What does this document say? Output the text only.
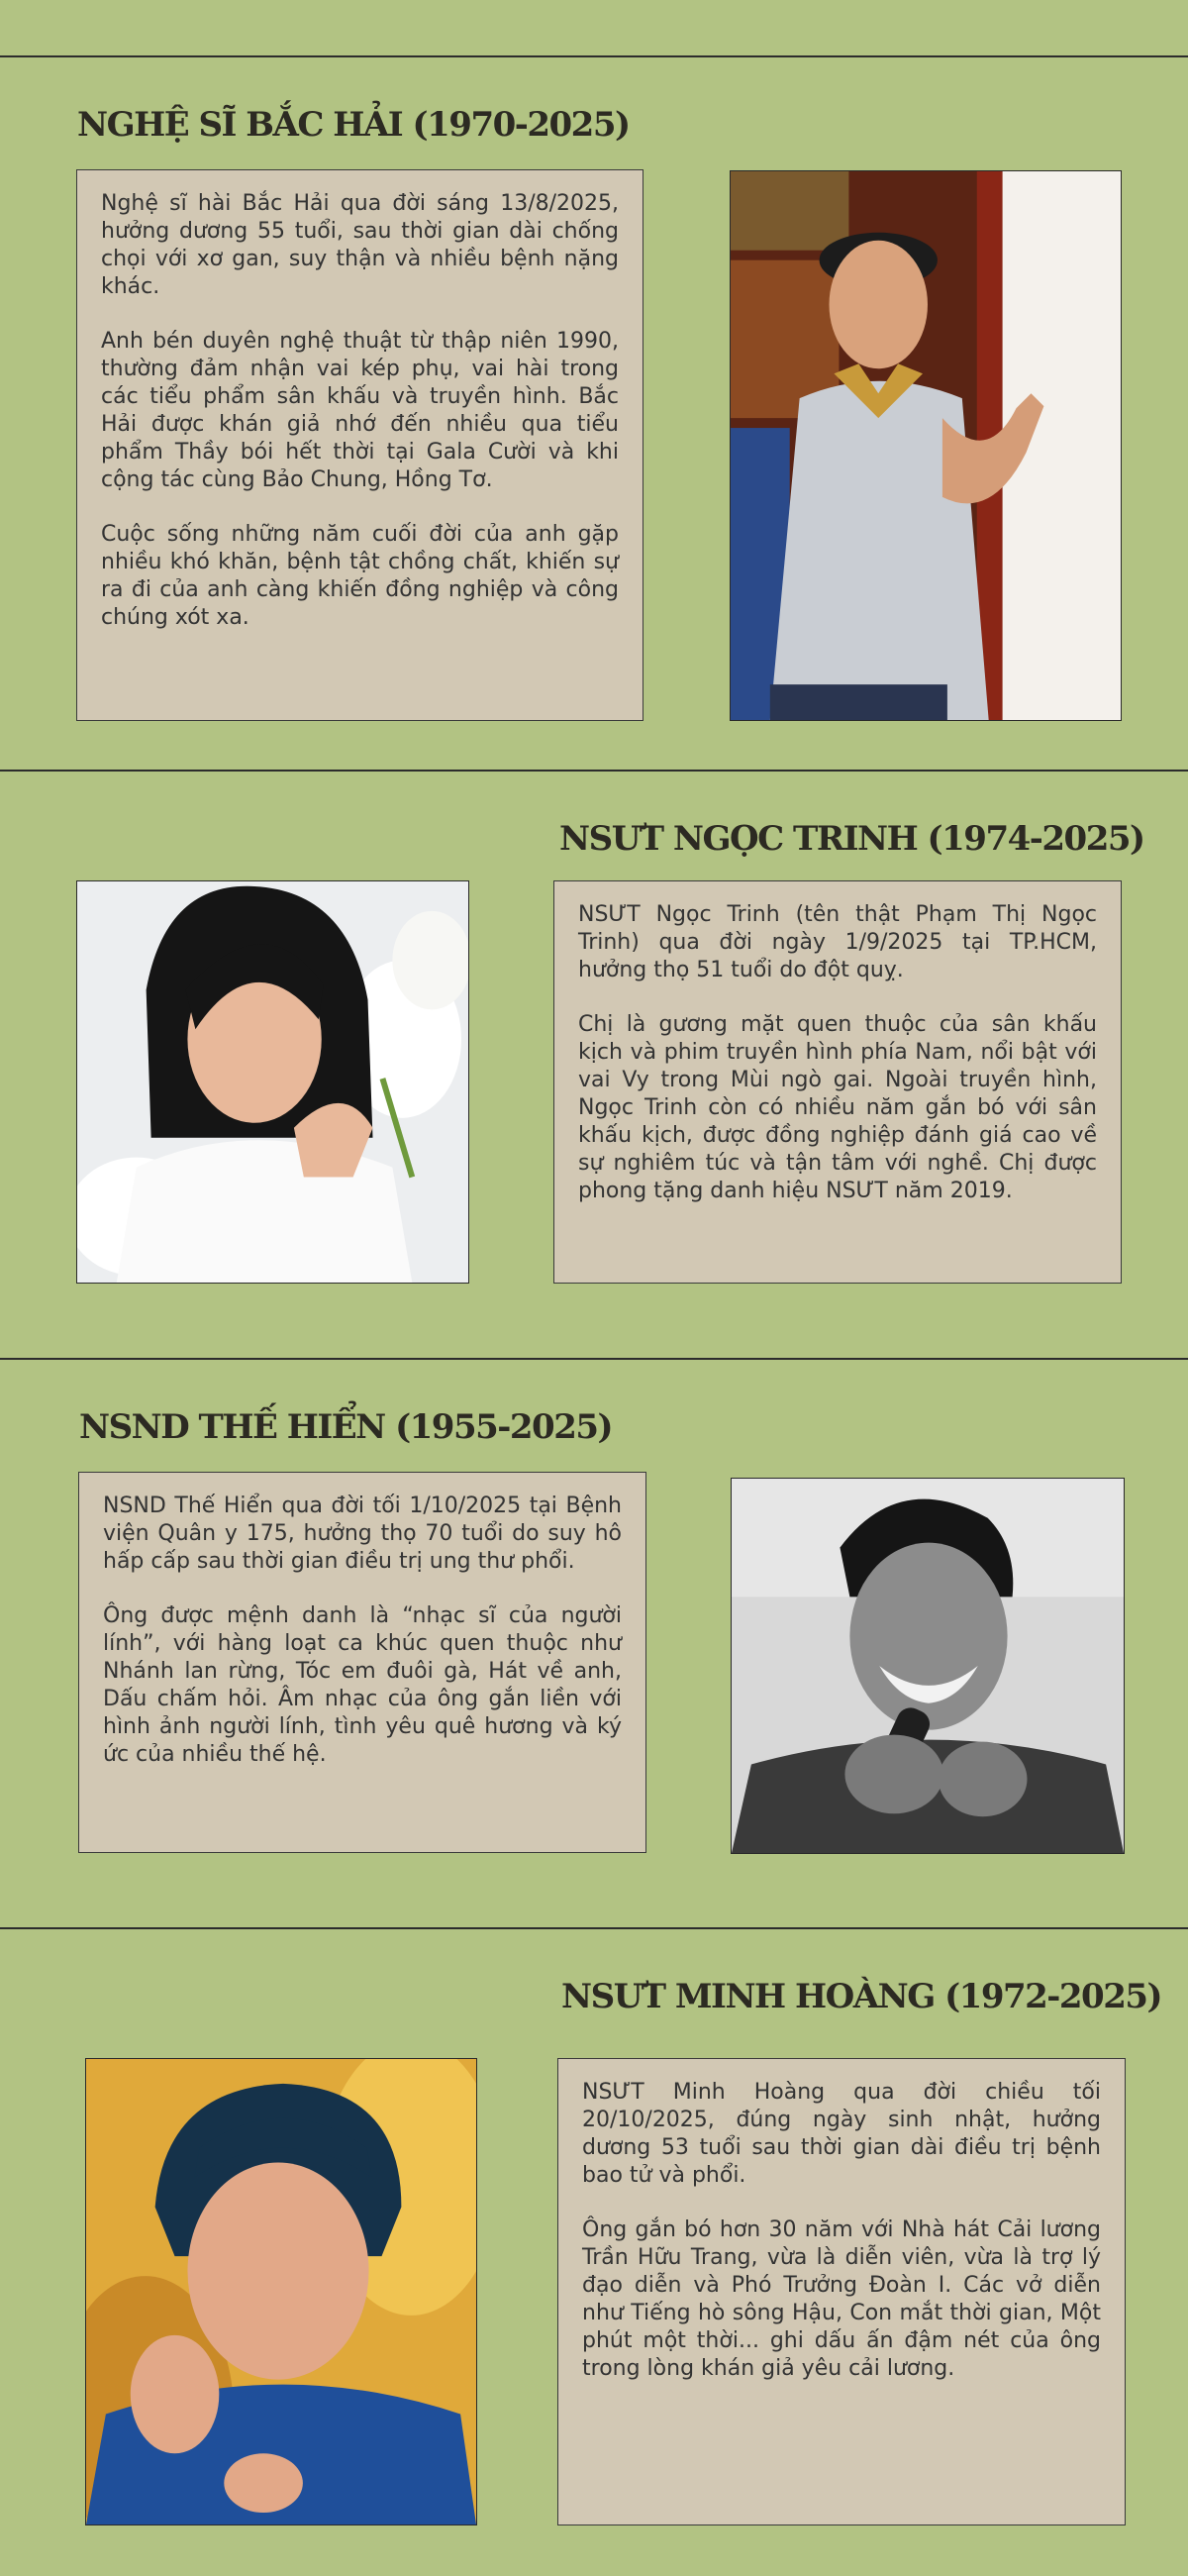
NGHỆ SĨ BẮC HẢI (1970-2025)

Nghệ sĩ hài Bắc Hải qua đời sáng 13/8/2025, hưởng dương 55 tuổi, sau thời gian dài chống chọi với xơ gan, suy thận và nhiều bệnh nặng khác.

Anh bén duyên nghệ thuật từ thập niên 1990, thường đảm nhận vai kép phụ, vai hài trong các tiểu phẩm sân khấu và truyền hình. Bắc Hải được khán giả nhớ đến nhiều qua tiểu phẩm Thầy bói hết thời tại Gala Cười và khi cộng tác cùng Bảo Chung, Hồng Tơ.

Cuộc sống những năm cuối đời của anh gặp nhiều khó khăn, bệnh tật chồng chất, khiến sự ra đi của anh càng khiến đồng nghiệp và công chúng xót xa.

NSƯT NGỌC TRINH (1974-2025)

NSƯT Ngọc Trinh (tên thật Phạm Thị Ngọc Trinh) qua đời ngày 1/9/2025 tại TP.HCM, hưởng thọ 51 tuổi do đột quỵ.

Chị là gương mặt quen thuộc của sân khấu kịch và phim truyền hình phía Nam, nổi bật với vai Vy trong Mùi ngò gai. Ngoài truyền hình, Ngọc Trinh còn có nhiều năm gắn bó với sân khấu kịch, được đồng nghiệp đánh giá cao về sự nghiêm túc và tận tâm với nghề. Chị được phong tặng danh hiệu NSƯT năm 2019.

NSND THẾ HIỂN (1955-2025)

NSND Thế Hiển qua đời tối 1/10/2025 tại Bệnh viện Quân y 175, hưởng thọ 70 tuổi do suy hô hấp cấp sau thời gian điều trị ung thư phổi.

Ông được mệnh danh là “nhạc sĩ của người lính”, với hàng loạt ca khúc quen thuộc như Nhánh lan rừng, Tóc em đuôi gà, Hát về anh, Dấu chấm hỏi. Âm nhạc của ông gắn liền với hình ảnh người lính, tình yêu quê hương và ký ức của nhiều thế hệ.

NSƯT MINH HOÀNG (1972-2025)

NSƯT Minh Hoàng qua đời chiều tối 20/10/2025, đúng ngày sinh nhật, hưởng dương 53 tuổi sau thời gian dài điều trị bệnh bao tử và phổi.

Ông gắn bó hơn 30 năm với Nhà hát Cải lương Trần Hữu Trang, vừa là diễn viên, vừa là trợ lý đạo diễn và Phó Trưởng Đoàn I. Các vở diễn như Tiếng hò sông Hậu, Con mắt thời gian, Một phút một thời... ghi dấu ấn đậm nét của ông trong lòng khán giả yêu cải lương.
